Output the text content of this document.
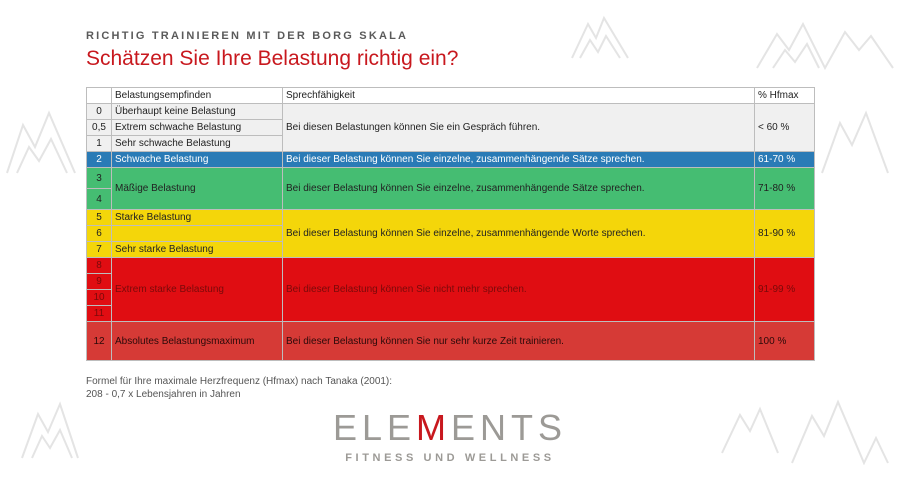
RICHTIG TRAINIEREN MIT DER BORG SKALA
Schätzen Sie Ihre Belastung richtig ein?
	Belastungsempfinden	Sprechfähigkeit	% Hfmax
0	Überhaupt keine Belastung	Bei diesen Belastungen können Sie ein Gespräch führen.	< 60 %
0,5	Extrem schwache Belastung		
1	Sehr schwache Belastung		
2	Schwache Belastung	Bei dieser Belastung können Sie einzelne, zusammenhängende Sätze sprechen.	61-70 %
3	Mäßige Belastung	Bei dieser Belastung können Sie einzelne, zusammenhängende Sätze sprechen.	71-80 %
4			
5	Starke Belastung	Bei dieser Belastung können Sie einzelne, zusammenhängende Worte sprechen.	81-90 %
6			
7	Sehr starke Belastung		
8	Extrem starke Belastung	Bei dieser Belastung können Sie nicht mehr sprechen.	91-99 %
9			
10			
11			
12	Absolutes Belastungsmaximum	Bei dieser Belastung können Sie nur sehr kurze Zeit trainieren.	100 %
Formel für Ihre maximale Herzfrequenz (Hfmax) nach Tanaka (2001):
208 - 0,7 x Lebensjahren in Jahren
ELEMENTS
FITNESS UND WELLNESS
